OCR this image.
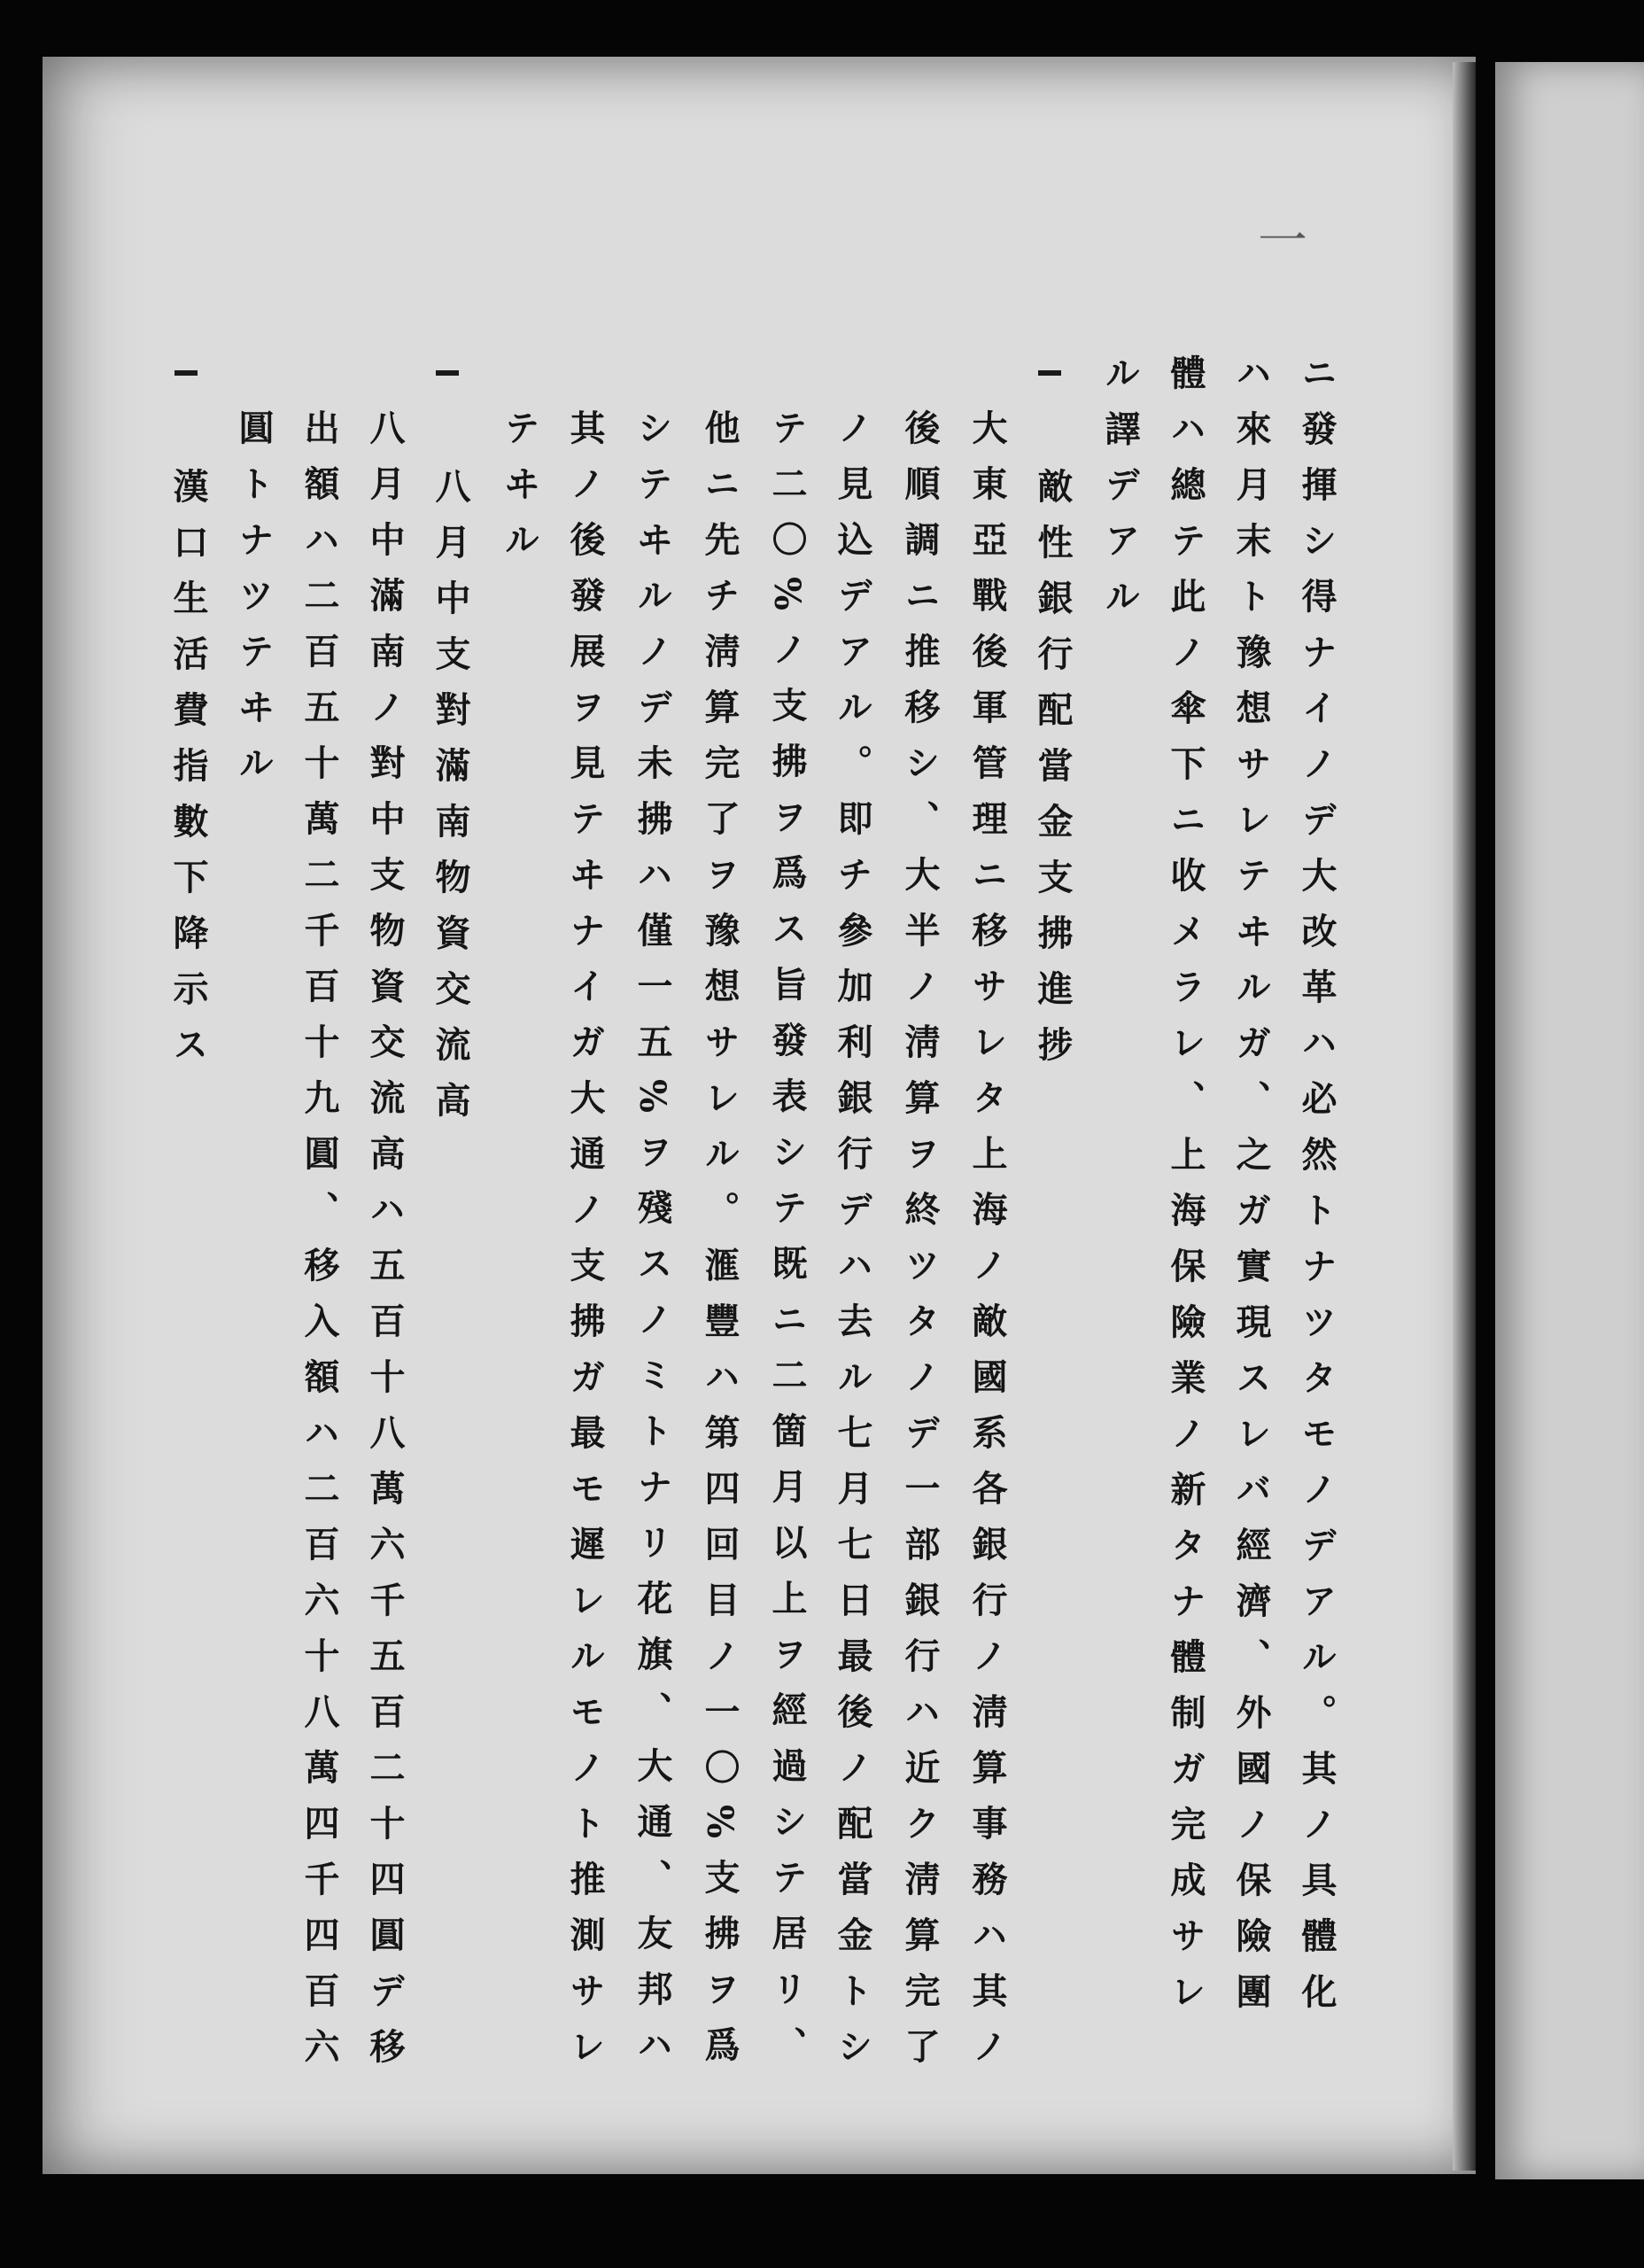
一
ニ發揮シ得ナイノデ大改革ハ必然トナツタモノデアル。其ノ具體化
ハ來月末ト豫想サレテヰルガ、之ガ實現スレバ經濟、外國ノ保險團
體ハ總テ此ノ傘下ニ收メラレ、上海保險業ノ新タナ體制ガ完成サレ
ル譯デアル
敵性銀行配當金支拂進捗
大東亞戰後軍管理ニ移サレタ上海ノ敵國系各銀行ノ淸算事務ハ其ノ
後順調ニ推移シ、大半ノ淸算ヲ終ツタノデ一部銀行ハ近ク淸算完了
ノ見込デアル。即チ參加利銀行デハ去ル七月七日最後ノ配當金トシ
テ二〇%ノ支拂ヲ爲ス旨發表シテ既ニ二箇月以上ヲ經過シテ居リ、
他ニ先チ淸算完了ヲ豫想サレル。滙豐ハ第四回目ノ一〇%支拂ヲ爲
シテヰルノデ未拂ハ僅一五%ヲ殘スノミトナリ花旗、大通、友邦ハ
其ノ後發展ヲ見テヰナイガ大通ノ支拂ガ最モ遲レルモノト推測サレ
テヰル
八月中支對滿南物資交流高
八月中滿南ノ對中支物資交流高ハ五百十八萬六千五百二十四圓デ移
出額ハ二百五十萬二千百十九圓、移入額ハ二百六十八萬四千四百六
圓トナツテヰル
漢口生活費指數下降示ス
